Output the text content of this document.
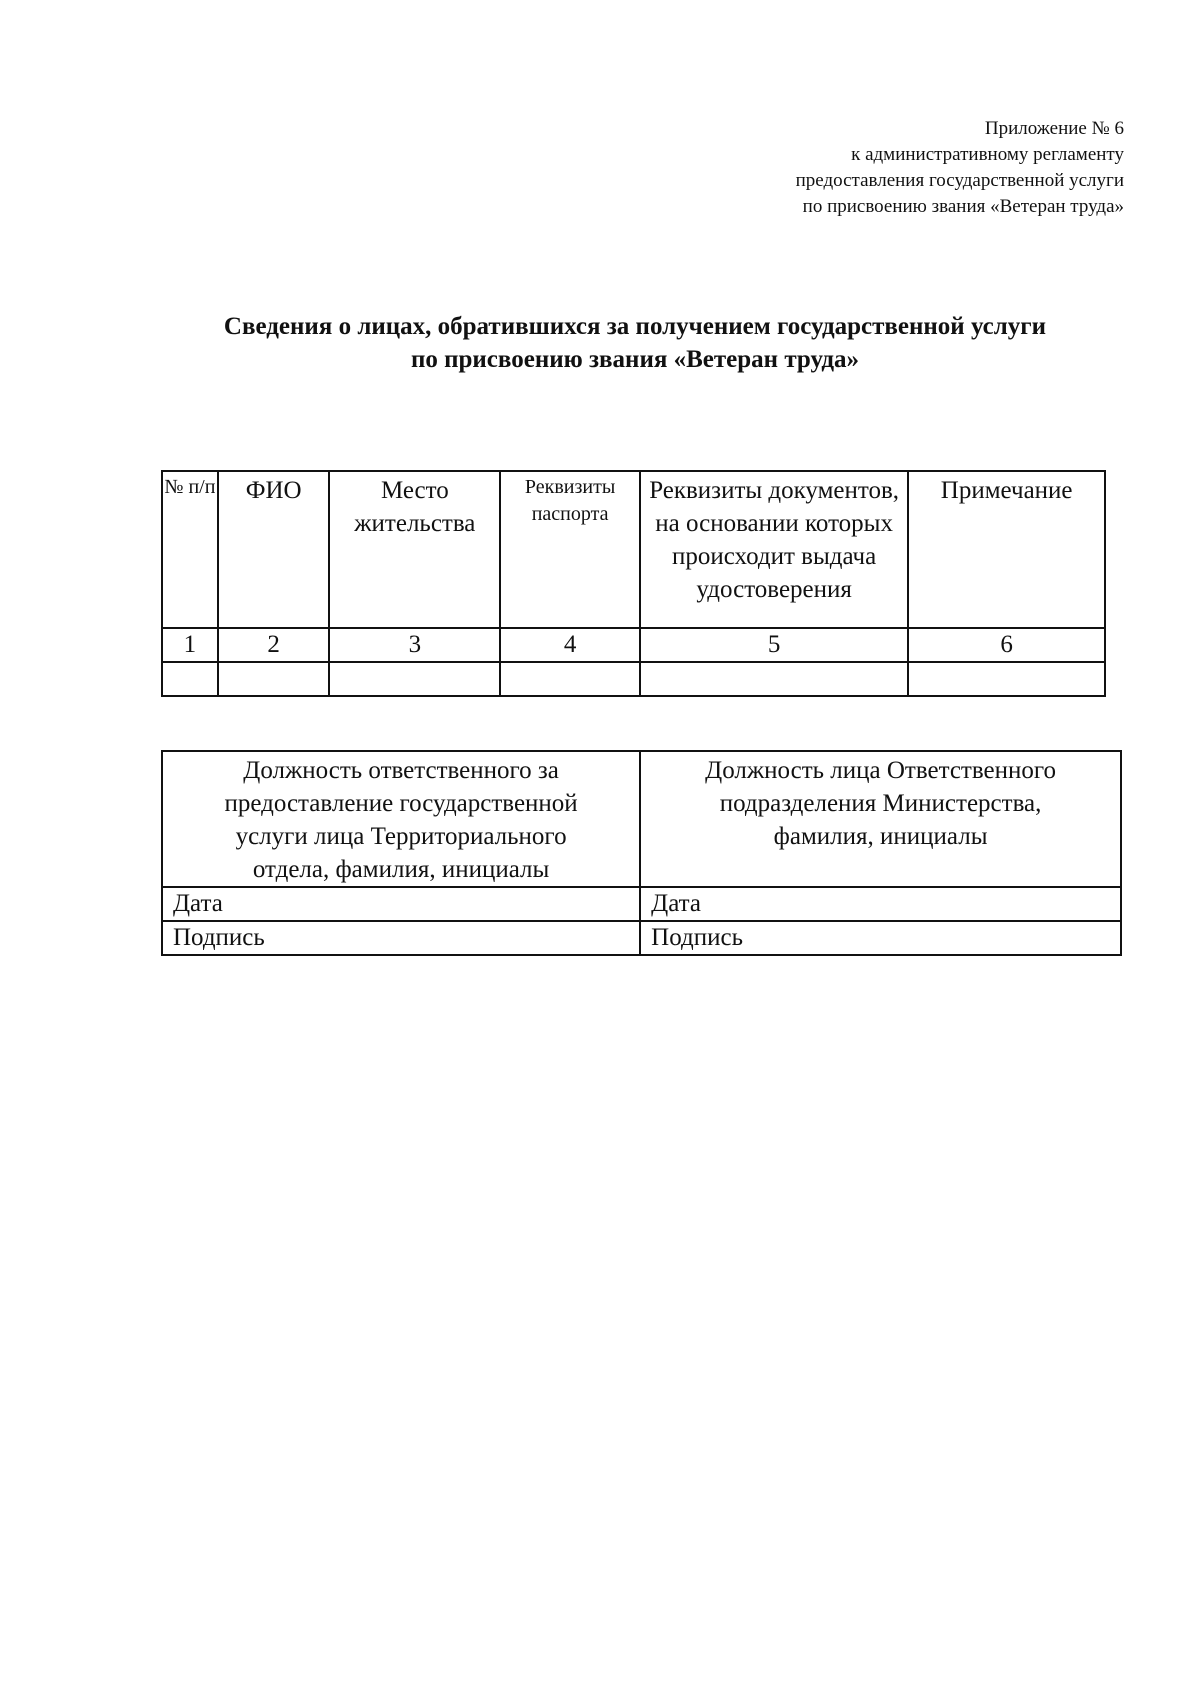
Приложение № 6
к административному регламенту
предоставления государственной услуги
по присвоению звания «Ветеран труда»
Сведения о лицах, обратившихся за получением государственной услуги
по присвоению звания «Ветеран труда»
№ п/п	ФИО	Место жительства	Реквизиты паспорта	Реквизиты документов, на основании которых происходит выдача удостоверения	Примечание
1	2	3	4	5	6

Должность ответственного за предоставление государственной услуги лица Территориального отдела, фамилия, инициалы	Должность лица Ответственного подразделения Министерства, фамилия, инициалы

Дата	Дата
Подпись	Подпись
